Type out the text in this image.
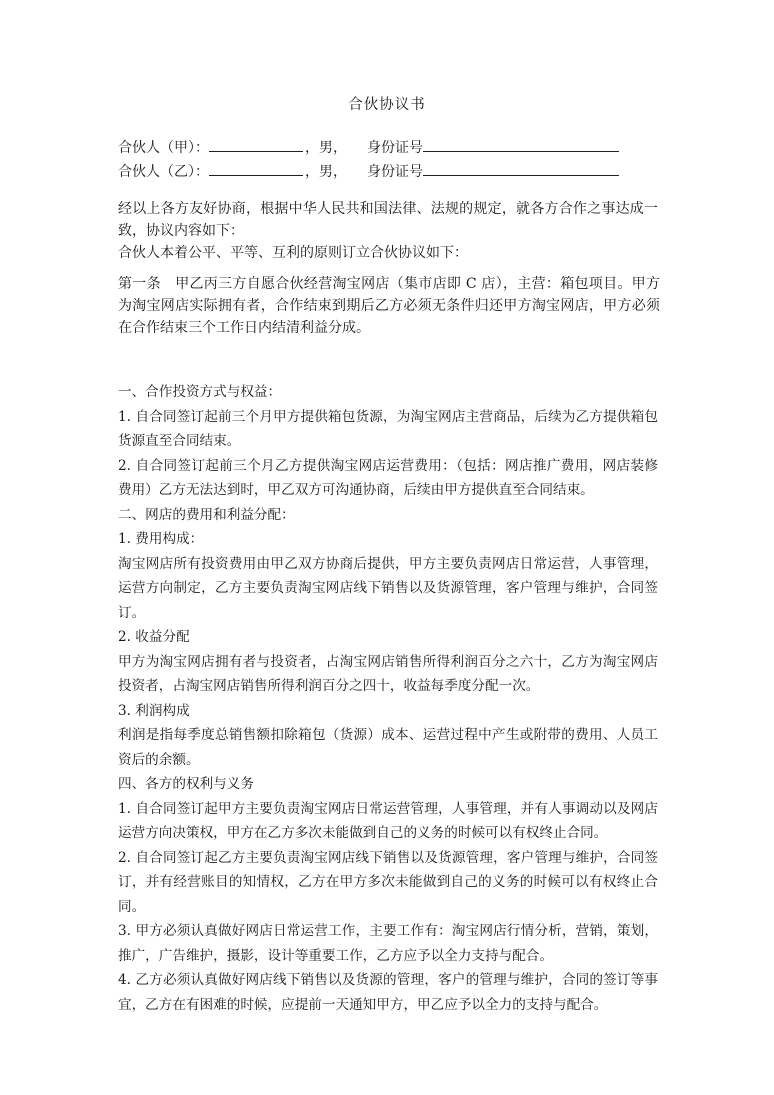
合伙协议书
合伙人（甲）：	，男， 身份证号
合伙人（乙）：	，男， 身份证号

经以上各方友好协商，根据中华人民共和国法律、法规的规定，就各方合作之事达成一致，协议内容如下：

合伙人本着公平、平等、互利的原则订立合伙协议如下：

第一条　甲乙丙三方自愿合伙经营淘宝网店（集市店即 C 店），主营：箱包项目。甲方为淘宝网店实际拥有者，合作结束到期后乙方必须无条件归还甲方淘宝网店，甲方必须在合作结束三个工作日内结清利益分成。

一、合作投资方式与权益：

1. 自合同签订起前三个月甲方提供箱包货源，为淘宝网店主营商品，后续为乙方提供箱包货源直至合同结束。

2. 自合同签订起前三个月乙方提供淘宝网店运营费用：（包括：网店推广费用，网店装修费用）乙方无法达到时，甲乙双方可沟通协商，后续由甲方提供直至合同结束。

二、网店的费用和利益分配：

1. 费用构成：

淘宝网店所有投资费用由甲乙双方协商后提供，甲方主要负责网店日常运营，人事管理，运营方向制定，乙方主要负责淘宝网店线下销售以及货源管理，客户管理与维护，合同签订。

2. 收益分配

甲方为淘宝网店拥有者与投资者，占淘宝网店销售所得利润百分之六十，乙方为淘宝网店投资者，占淘宝网店销售所得利润百分之四十，收益每季度分配一次。

3. 利润构成

利润是指每季度总销售额扣除箱包（货源）成本、运营过程中产生或附带的费用、人员工资后的余额。

四、各方的权利与义务

1. 自合同签订起甲方主要负责淘宝网店日常运营管理，人事管理，并有人事调动以及网店运营方向决策权，甲方在乙方多次未能做到自己的义务的时候可以有权终止合同。

2. 自合同签订起乙方主要负责淘宝网店线下销售以及货源管理，客户管理与维护，合同签订，并有经营账目的知情权，乙方在甲方多次未能做到自己的义务的时候可以有权终止合同。

3. 甲方必须认真做好网店日常运营工作，主要工作有：淘宝网店行情分析，营销，策划，推广，广告维护，摄影，设计等重要工作，乙方应予以全力支持与配合。

4. 乙方必须认真做好网店线下销售以及货源的管理，客户的管理与维护，合同的签订等事宜，乙方在有困难的时候，应提前一天通知甲方，甲乙应予以全力的支持与配合。
